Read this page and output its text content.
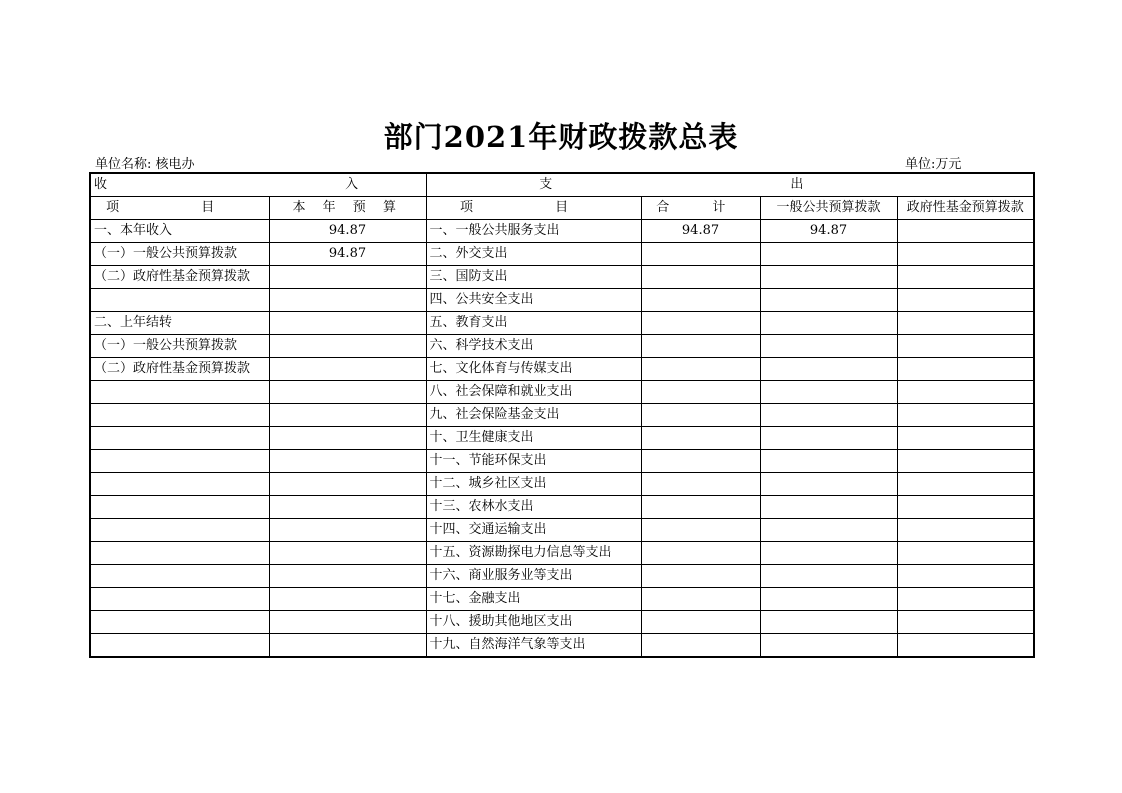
部门2021年财政拨款总表
单位名称: 核电办	单位:万元
收 入		支 出			
项 目	本 年 预 算	项 目	合 计	一般公共预算拨款	政府性基金预算拨款
一、本年收入	94.87	一、一般公共服务支出	94.87	94.87	
（一）一般公共预算拨款	94.87	二、外交支出			
（二）政府性基金预算拨款		三、国防支出			
		四、公共安全支出			
二、上年结转		五、教育支出			
（一）一般公共预算拨款		六、科学技术支出			
（二）政府性基金预算拨款		七、文化体育与传媒支出			
		八、社会保障和就业支出			
		九、社会保险基金支出			
		十、卫生健康支出			
		十一、节能环保支出			
		十二、城乡社区支出			
		十三、农林水支出			
		十四、交通运输支出			
		十五、资源勘探电力信息等支出			
		十六、商业服务业等支出			
		十七、金融支出			
		十八、援助其他地区支出			
		十九、自然海洋气象等支出			
